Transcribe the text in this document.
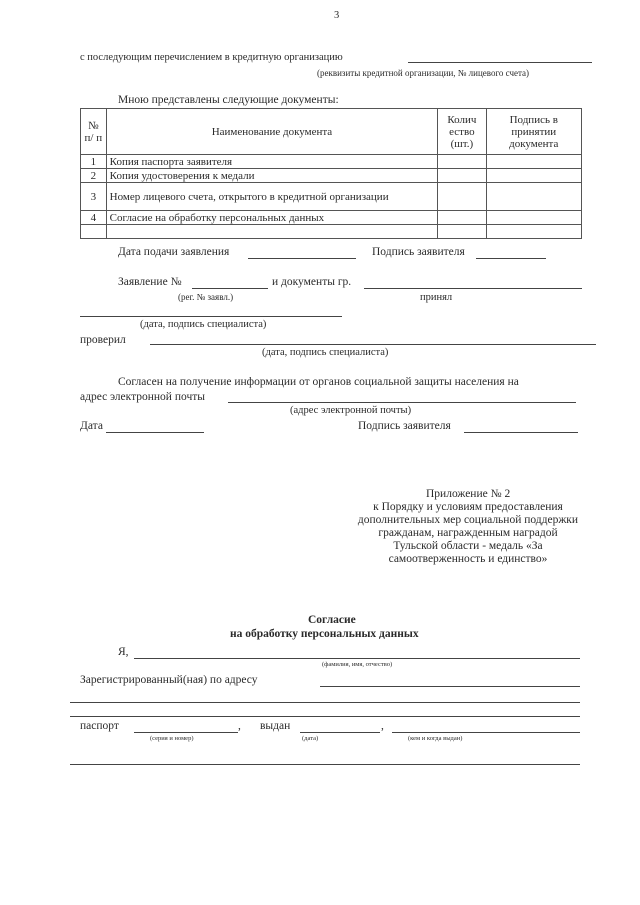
3
с последующим перечислением в кредитную организацию
(реквизиты кредитной организации, № лицевого счета)
Мною представлены следующие документы:
№ п/ п	Наименование документа	Колич ество (шт.)	Подпись в принятии документа
1	Копия паспорта заявителя		
2	Копия удостоверения к медали		
3	Номер лицевого счета, открытого в кредитной организации		
4	Согласие на обработку персональных данных		

Дата подачи заявления	Подпись заявителя
Заявление №	и документы гр.
(рег. № заявл.)	принял
(дата, подпись специалиста)
проверил
(дата, подпись специалиста)
Согласен на получение информации от органов социальной защиты населения на
адрес электронной почты
(адрес электронной почты)
Дата	Подпись заявителя
Приложение № 2
к Порядку и условиям предоставления
дополнительных мер социальной поддержки
гражданам, награжденным наградой
Тульской области - медаль «За
самоотверженность и единство»
Согласие
на обработку персональных данных
Я,
(фамилия, имя, отчество)
Зарегистрированный(ная) по адресу
паспорт	, выдан	,
(серия и номер)	(дата)	(кем и когда выдан)
